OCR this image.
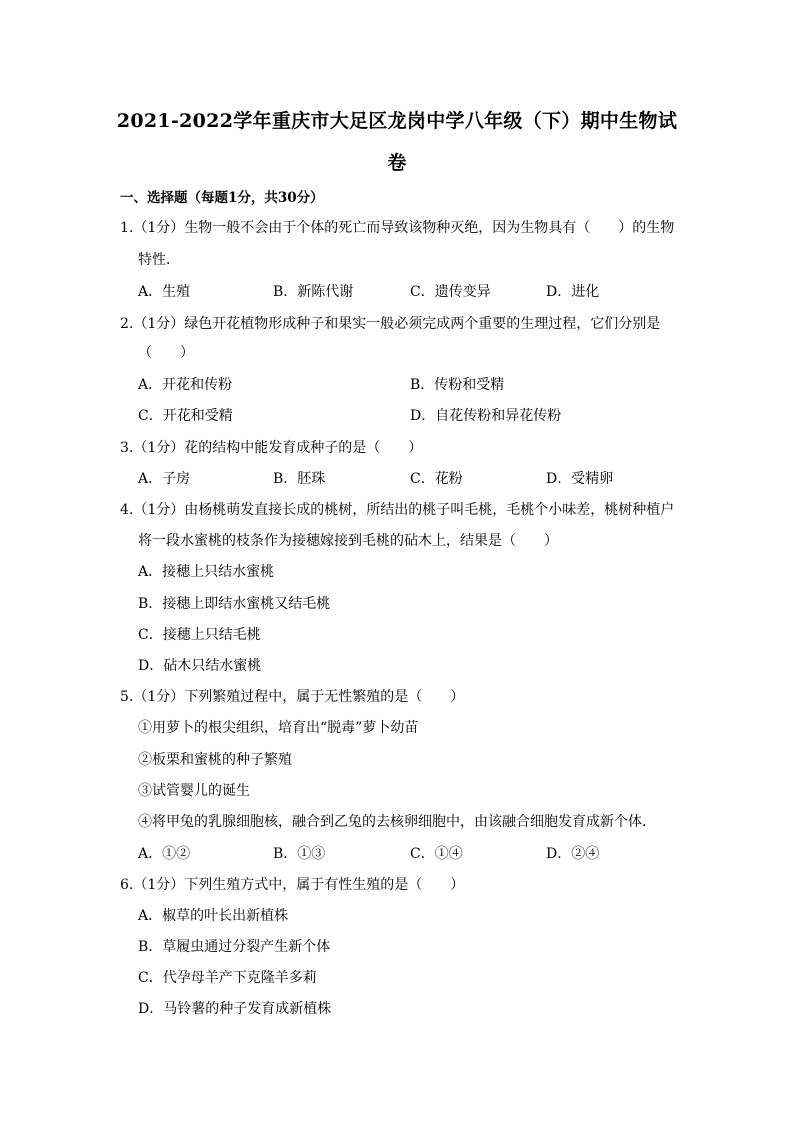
2021-2022学年重庆市大足区龙岗中学八年级（下）期中生物试
卷
一、选择题（每题1分，共30分）
1.（1分）生物一般不会由于个体的死亡而导致该物种灭绝，因为生物具有（　　）的生物
特性．
A．生殖	B．新陈代谢	C．遗传变异	D．进化
2.（1分）绿色开花植物形成种子和果实一般必须完成两个重要的生理过程，它们分别是
（　　）
A．开花和传粉	B．传粉和受精
C．开花和受精	D．自花传粉和异花传粉
3.（1分）花的结构中能发育成种子的是（　　）
A．子房	B．胚珠	C．花粉	D．受精卵
4.（1分）由杨桃萌发直接长成的桃树，所结出的桃子叫毛桃，毛桃个小味差，桃树种植户
将一段水蜜桃的枝条作为接穗嫁接到毛桃的砧木上，结果是（　　）
A．接穗上只结水蜜桃
B．接穗上即结水蜜桃又结毛桃
C．接穗上只结毛桃
D．砧木只结水蜜桃
5.（1分）下列繁殖过程中，属于无性繁殖的是（　　）
①用萝卜的根尖组织，培育出“脱毒”萝卜幼苗
②板栗和蜜桃的种子繁殖
③试管婴儿的诞生
④将甲兔的乳腺细胞核，融合到乙兔的去核卵细胞中，由该融合细胞发育成新个体．
A．①②	B．①③	C．①④	D．②④
6.（1分）下列生殖方式中，属于有性生殖的是（　　）
A．椒草的叶长出新植株
B．草履虫通过分裂产生新个体
C．代孕母羊产下克隆羊多莉
D．马铃薯的种子发育成新植株
